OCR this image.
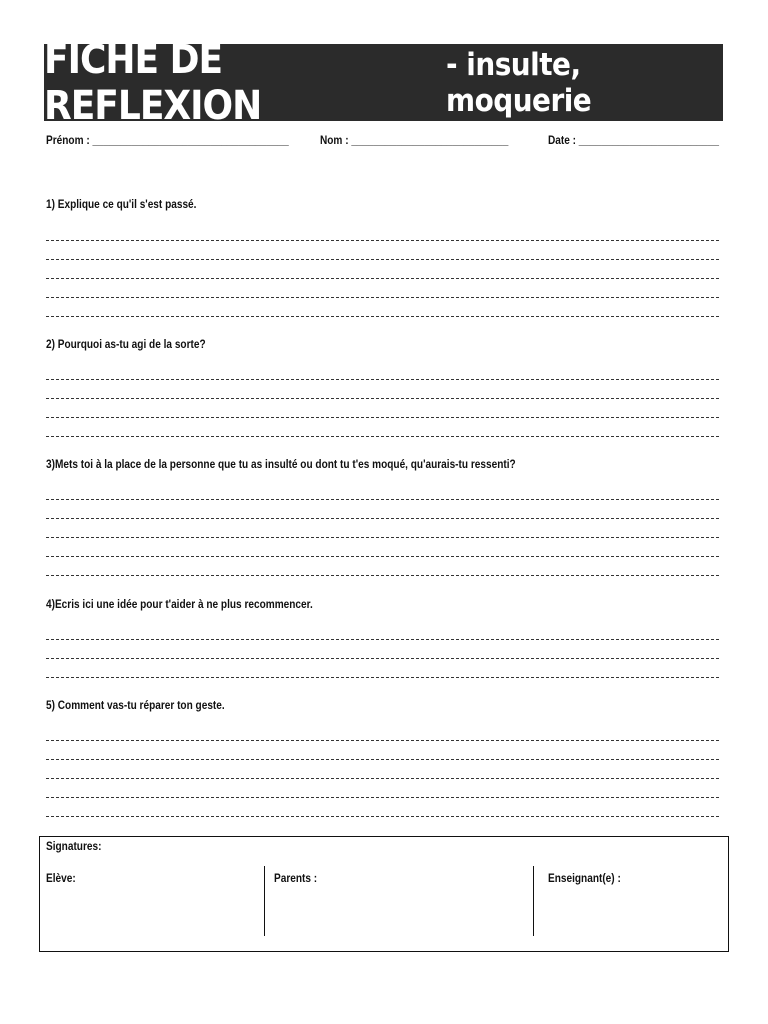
FICHE DE REFLEXION
- insulte, moquerie
Prénom : ___________________________________	Nom : ____________________________	Date : _________________________
1) Explique ce qu'il s'est passé.
2) Pourquoi as-tu agi de la sorte?
3)Mets toi à la place de la personne que tu as insulté ou dont tu t'es moqué, qu'aurais-tu ressenti?
4)Ecris ici une idée pour t'aider à ne plus recommencer.
5) Comment vas-tu réparer ton geste.
Signatures:
Elève:	Parents :	Enseignant(e) :
